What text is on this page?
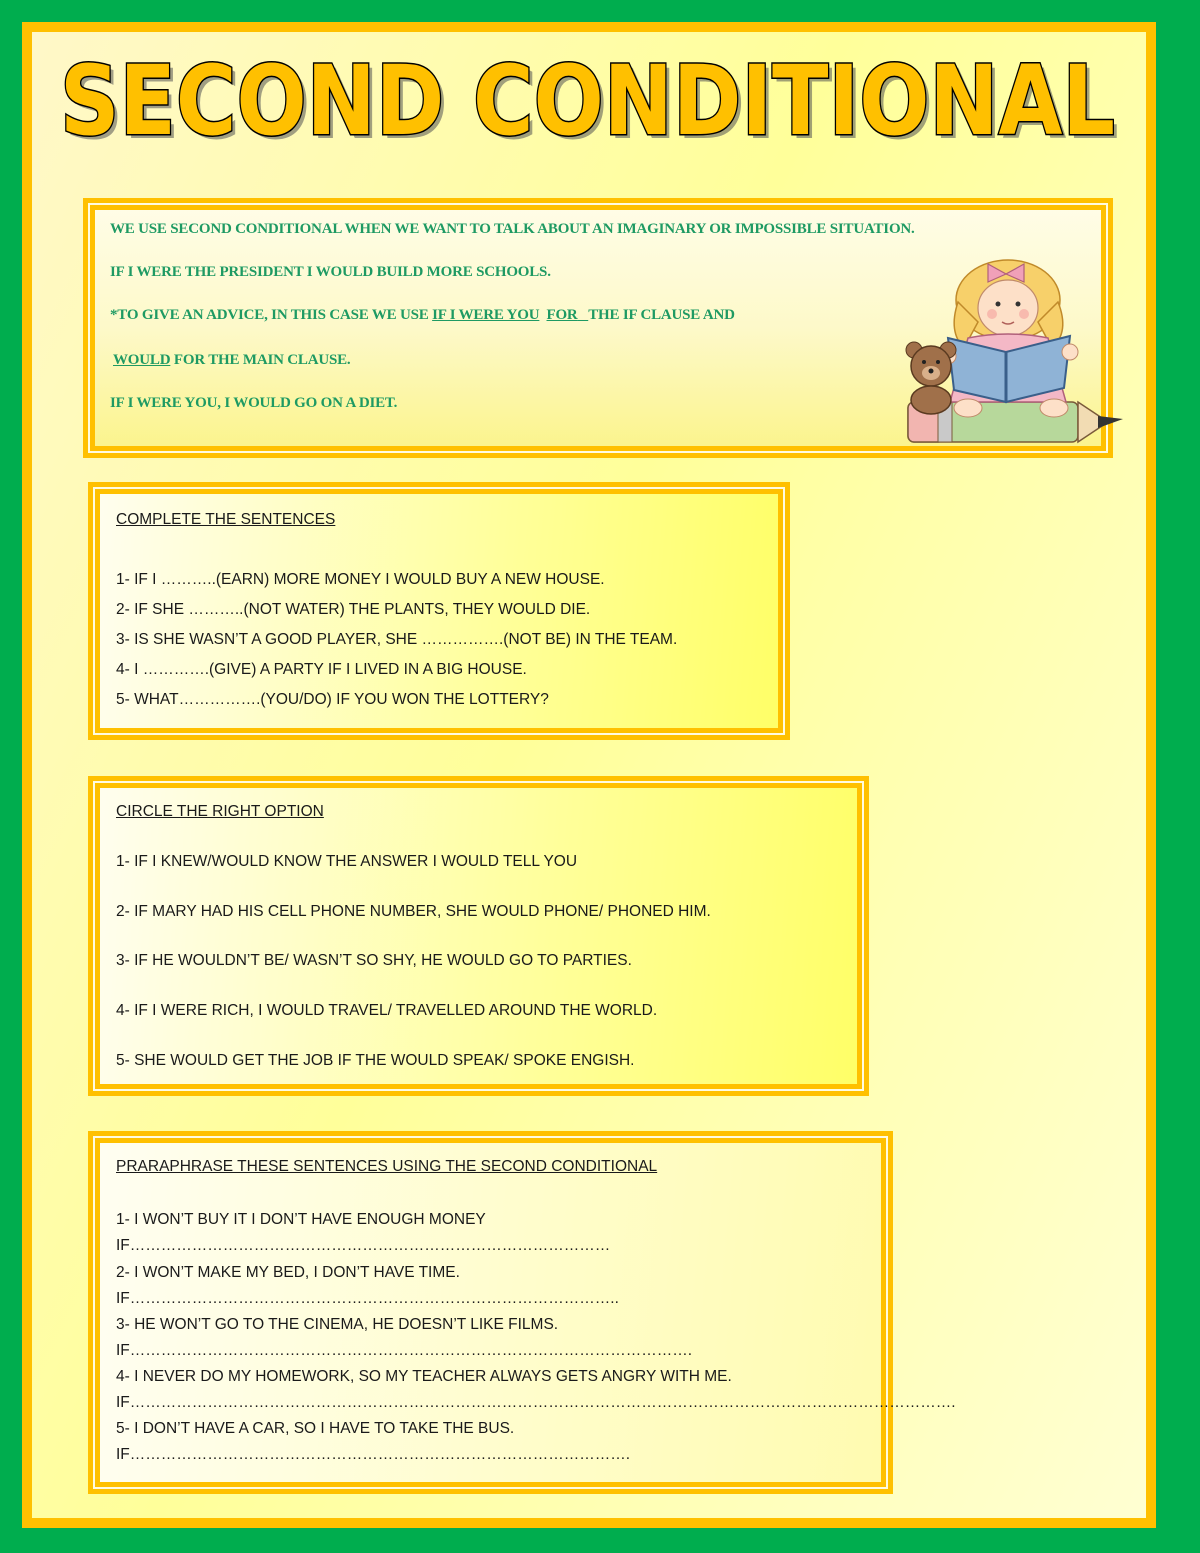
SECOND CONDITIONAL
SECOND CONDITIONAL
WE USE SECOND CONDITIONAL WHEN WE WANT TO TALK ABOUT AN IMAGINARY OR IMPOSSIBLE SITUATION.
IF I WERE THE PRESIDENT I WOULD BUILD MORE SCHOOLS.
*TO GIVE AN ADVICE, IN THIS CASE WE USE IF I WERE YOU FOR THE IF CLAUSE AND
WOULD FOR THE MAIN CLAUSE.
IF I WERE YOU, I WOULD GO ON A DIET.
COMPLETE THE SENTENCES
1- IF I ………..(EARN) MORE MONEY I WOULD BUY A NEW HOUSE.
2- IF SHE ………..(NOT WATER) THE PLANTS, THEY WOULD DIE.
3- IS SHE WASN’T A GOOD PLAYER, SHE …………….(NOT BE) IN THE TEAM.
4- I ………….(GIVE) A PARTY IF I LIVED IN A BIG HOUSE.
5- WHAT…………….(YOU/DO) IF YOU WON THE LOTTERY?
CIRCLE THE RIGHT OPTION
1- IF I KNEW/WOULD KNOW THE ANSWER I WOULD TELL YOU
2- IF MARY HAD HIS CELL PHONE NUMBER, SHE WOULD PHONE/ PHONED HIM.
3- IF HE WOULDN’T BE/ WASN’T SO SHY, HE WOULD GO TO PARTIES.
4- IF I WERE RICH, I WOULD TRAVEL/ TRAVELLED AROUND THE WORLD.
5- SHE WOULD GET THE JOB IF THE WOULD SPEAK/ SPOKE ENGISH.
PRARAPHRASE THESE SENTENCES USING THE SECOND CONDITIONAL
1- I WON’T BUY IT I DON’T HAVE ENOUGH MONEY
IF…………………………………………………………………………………
2- I WON’T MAKE MY BED, I DON’T HAVE TIME.
IF…………………………………………………………………………………..
3- HE WON’T GO TO THE CINEMA, HE DOESN’T LIKE FILMS.
IF……………………………………………………………………………………………….
4- I NEVER DO MY HOMEWORK, SO MY TEACHER ALWAYS GETS ANGRY WITH ME.
IF…………………………………………………………………………………………………………………………………………….
5- I DON’T HAVE A CAR, SO I HAVE TO TAKE THE BUS.
IF…………………………………………………………………………………….
